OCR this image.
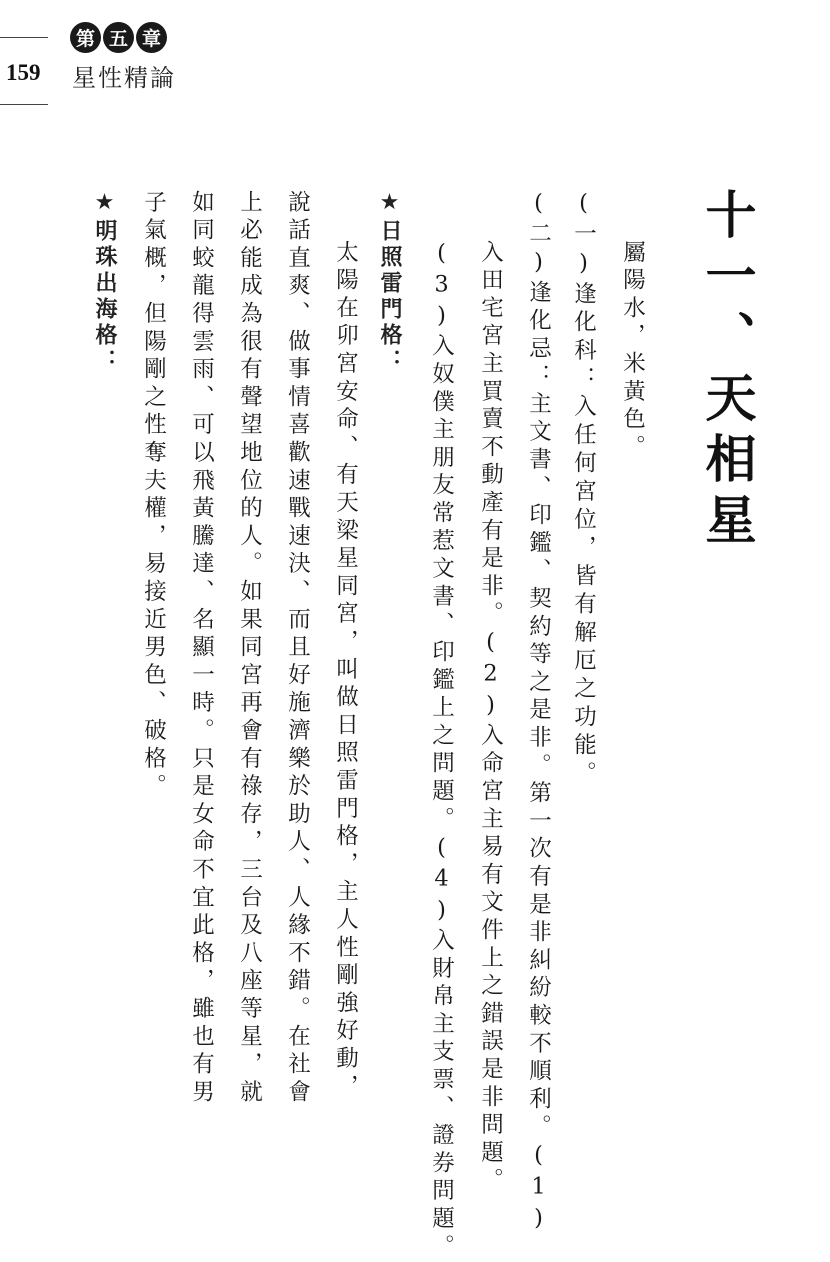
159
第 五 章
星性精論
十一、天相星
屬陽水，米黃色。
(一)逢化科：入任何宮位，皆有解厄之功能。
(二)逢化忌：主文書、印鑑、契約等之是非。第一次有是非糾紛較不順利。(1)
入田宅宮主買賣不動產有是非。(2)入命宮主易有文件上之錯誤是非問題。
(3)入奴僕主朋友常惹文書、印鑑上之問題。(4)入財帛主支票、證券問題。
★日照雷門格：
太陽在卯宮安命、有天梁星同宮，叫做日照雷門格，主人性剛強好動，
說話直爽、做事情喜歡速戰速決、而且好施濟樂於助人、人緣不錯。在社會
上必能成為很有聲望地位的人。如果同宮再會有祿存，三台及八座等星，就
如同蛟龍得雲雨、可以飛黃騰達、名顯一時。只是女命不宜此格，雖也有男
子氣概，但陽剛之性奪夫權，易接近男色、破格。
★明珠出海格：
